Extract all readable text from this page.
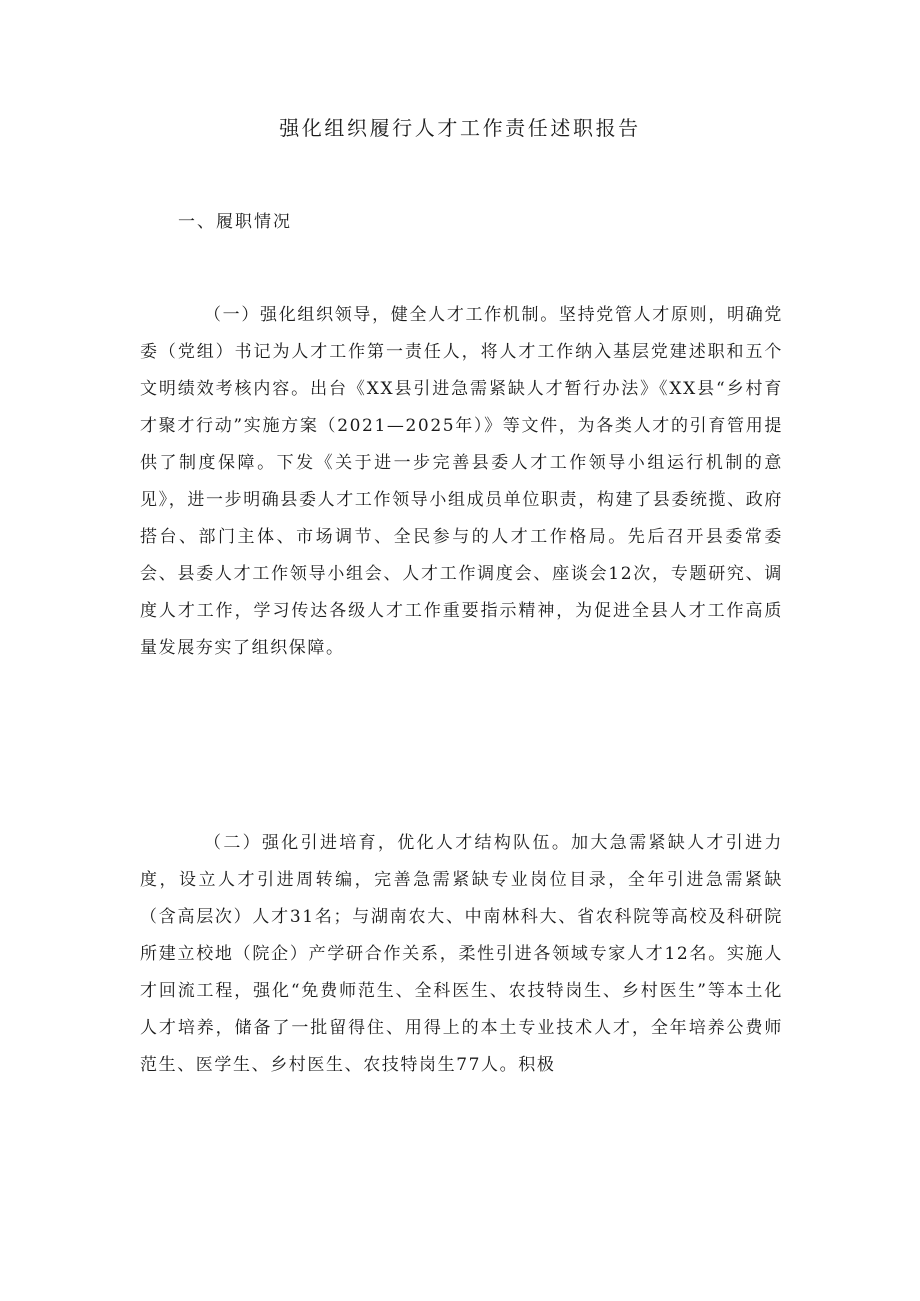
强化组织履行人才工作责任述职报告
一、履职情况
（一）强化组织领导，健全人才工作机制。坚持党管人才原则，明确党委（党组）书记为人才工作第一责任人，将人才工作纳入基层党建述职和五个文明绩效考核内容。出台《XX县引进急需紧缺人才暂行办法》《XX县“乡村育才聚才行动”实施方案（2021—2025年）》等文件，为各类人才的引育管用提供了制度保障。下发《关于进一步完善县委人才工作领导小组运行机制的意见》，进一步明确县委人才工作领导小组成员单位职责，构建了县委统揽、政府搭台、部门主体、市场调节、全民参与的人才工作格局。先后召开县委常委会、县委人才工作领导小组会、人才工作调度会、座谈会12次，专题研究、调度人才工作，学习传达各级人才工作重要指示精神，为促进全县人才工作高质量发展夯实了组织保障。
（二）强化引进培育，优化人才结构队伍。加大急需紧缺人才引进力度，设立人才引进周转编，完善急需紧缺专业岗位目录，全年引进急需紧缺（含高层次）人才31名；与湖南农大、中南林科大、省农科院等高校及科研院所建立校地（院企）产学研合作关系，柔性引进各领域专家人才12名。实施人才回流工程，强化“免费师范生、全科医生、农技特岗生、乡村医生”等本土化人才培养，储备了一批留得住、用得上的本土专业技术人才，全年培养公费师范生、医学生、乡村医生、农技特岗生77人。积极
